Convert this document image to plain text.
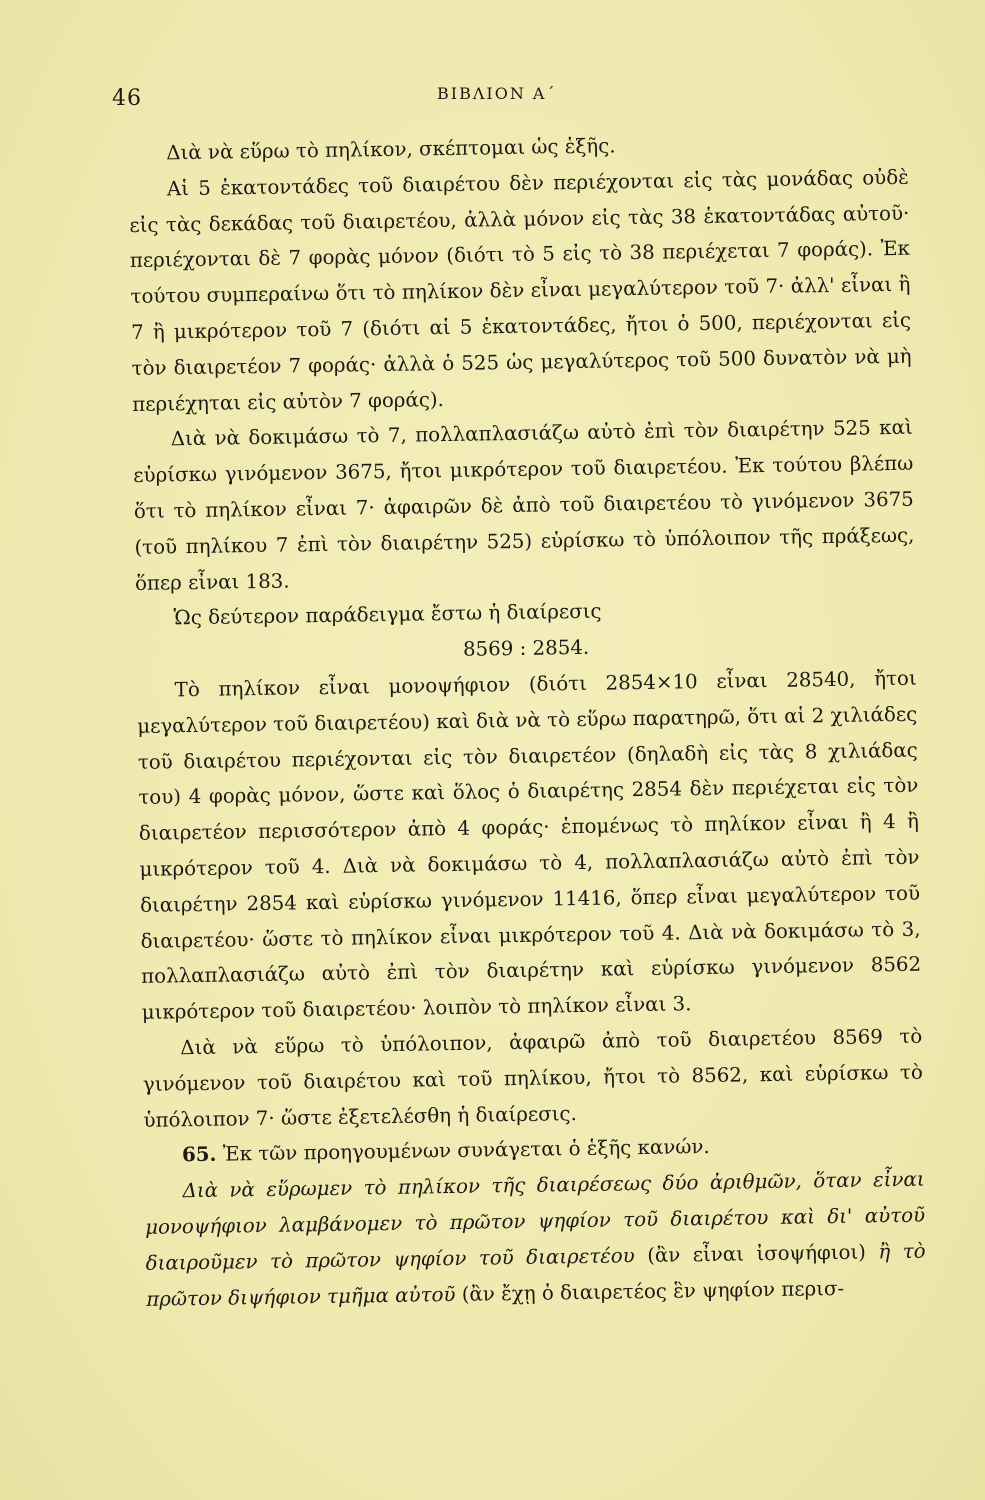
46	ΒΙΒΛΙΟΝ Α΄

Διὰ νὰ εὕρω τὸ πηλίκον, σκέπτομαι ὡς ἑξῆς.

Αἱ 5 ἑκατοντάδες τοῦ διαιρέτου δὲν περιέχονται εἰς τὰς μονάδας οὐδὲ εἰς τὰς δεκάδας τοῦ διαιρετέου, ἀλλὰ μόνον εἰς τὰς 38 ἑκατοντάδας αὐτοῦ· περιέχονται δὲ 7 φορὰς μόνον (διότι τὸ 5 εἰς τὸ 38 περιέχεται 7 φοράς). Ἐκ τούτου συμπεραίνω ὅτι τὸ πηλίκον δὲν εἶναι μεγαλύτερον τοῦ 7· ἀλλ' εἶναι ἢ 7 ἢ μικρότερον τοῦ 7 (διότι αἱ 5 ἑκατοντάδες, ἤτοι ὁ 500, περιέχονται εἰς τὸν διαιρετέον 7 φοράς· ἀλλὰ ὁ 525 ὡς μεγαλύτερος τοῦ 500 δυνατὸν νὰ μὴ περιέχηται εἰς αὐτὸν 7 φοράς).

Διὰ νὰ δοκιμάσω τὸ 7, πολλαπλασιάζω αὐτὸ ἐπὶ τὸν διαιρέτην 525 καὶ εὑρίσκω γινόμενον 3675, ἤτοι μικρότερον τοῦ διαιρετέου. Ἐκ τούτου βλέπω ὅτι τὸ πηλίκον εἶναι 7· ἀφαιρῶν δὲ ἀπὸ τοῦ διαιρετέου τὸ γινόμενον 3675 (τοῦ πηλίκου 7 ἐπὶ τὸν διαιρέτην 525) εὑρίσκω τὸ ὑπόλοιπον τῆς πράξεως, ὅπερ εἶναι 183.

Ὡς δεύτερον παράδειγμα ἔστω ἡ διαίρεσις

8569 : 2854.

Τὸ πηλίκον εἶναι μονοψήφιον (διότι 2854×10 εἶναι 28540, ἤτοι μεγαλύτερον τοῦ διαιρετέου) καὶ διὰ νὰ τὸ εὕρω παρατηρῶ, ὅτι αἱ 2 χιλιάδες τοῦ διαιρέτου περιέχονται εἰς τὸν διαιρετέον (δηλαδὴ εἰς τὰς 8 χιλιάδας του) 4 φορὰς μόνον, ὥστε καὶ ὅλος ὁ διαιρέτης 2854 δὲν περιέχεται εἰς τὸν διαιρετέον περισσότερον ἀπὸ 4 φοράς· ἑπομένως τὸ πηλίκον εἶναι ἢ 4 ἢ μικρότερον τοῦ 4. Διὰ νὰ δοκιμάσω τὸ 4, πολλαπλασιάζω αὐτὸ ἐπὶ τὸν διαιρέτην 2854 καὶ εὑρίσκω γινόμενον 11416, ὅπερ εἶναι μεγαλύτερον τοῦ διαιρετέου· ὥστε τὸ πηλίκον εἶναι μικρότερον τοῦ 4. Διὰ νὰ δοκιμάσω τὸ 3, πολλαπλασιάζω αὐτὸ ἐπὶ τὸν διαιρέτην καὶ εὑρίσκω γινόμενον 8562 μικρότερον τοῦ διαιρετέου· λοιπὸν τὸ πηλίκον εἶναι 3.

Διὰ νὰ εὕρω τὸ ὑπόλοιπον, ἀφαιρῶ ἀπὸ τοῦ διαιρετέου 8569 τὸ γινόμενον τοῦ διαιρέτου καὶ τοῦ πηλίκου, ἤτοι τὸ 8562, καὶ εὑρίσκω τὸ ὑπόλοιπον 7· ὥστε ἐξετελέσθη ἡ διαίρεσις.

65. Ἐκ τῶν προηγουμένων συνάγεται ὁ ἑξῆς κανών.

Διὰ νὰ εὕρωμεν τὸ πηλίκον τῆς διαιρέσεως δύο ἀριθμῶν, ὅταν εἶναι μονοψήφιον λαμβάνομεν τὸ πρῶτον ψηφίον τοῦ διαιρέτου καὶ δι' αὐτοῦ διαιροῦμεν τὸ πρῶτον ψηφίον τοῦ διαιρετέου (ἂν εἶναι ἰσοψήφιοι) ἢ τὸ πρῶτον διψήφιον τμῆμα αὐτοῦ (ἂν ἔχῃ ὁ διαιρετέος ἓν ψηφίον περισ-
